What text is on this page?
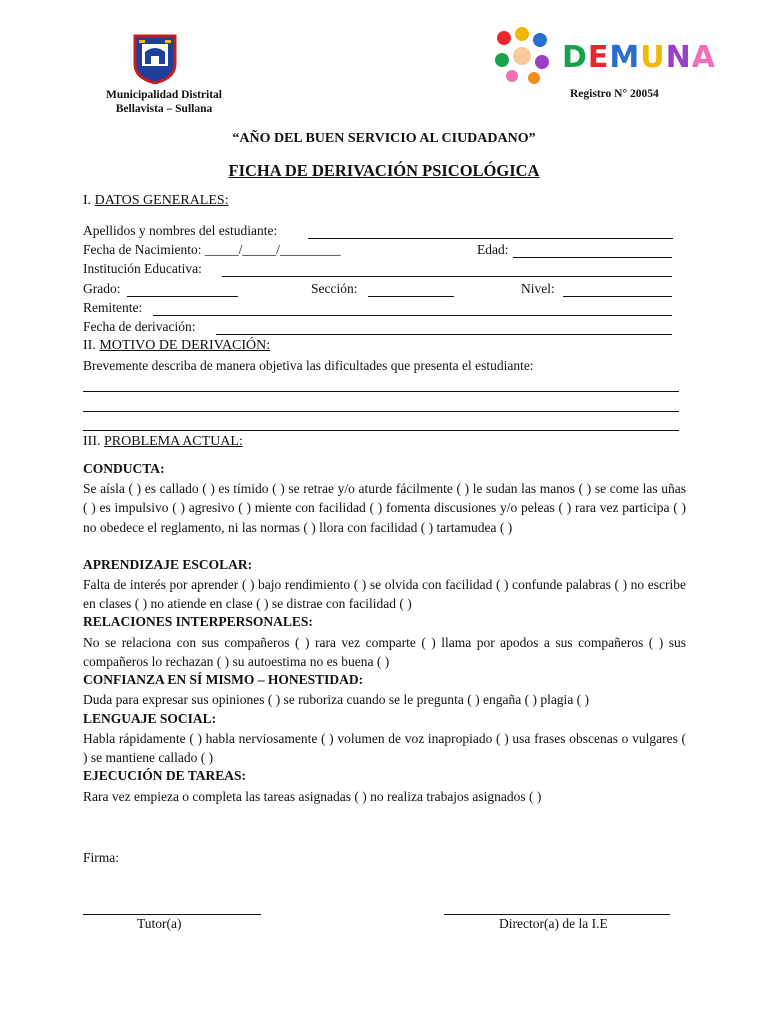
Municipalidad Distrital
Bellavista – Sullana
DEMUNA
Registro N° 20054
“AÑO DEL BUEN SERVICIO AL CIUDADANO”
FICHA DE DERIVACIÓN PSICOLÓGICA
I. DATOS GENERALES:
Apellidos y nombres del estudiante:
Fecha de Nacimiento: _____/_____/_________	Edad:
Institución Educativa:
Grado:	Sección:	Nivel:
Remitente:
Fecha de derivación:
II. MOTIVO DE DERIVACIÓN:
Brevemente describa de manera objetiva las dificultades que presenta el estudiante:
III. PROBLEMA ACTUAL:
CONDUCTA:
Se aísla ( ) es callado ( ) es tímido ( ) se retrae y/o aturde fácilmente ( ) le sudan las manos ( ) se come las uñas ( ) es impulsivo ( ) agresivo ( ) miente con facilidad ( ) fomenta discusiones y/o peleas ( ) rara vez participa ( ) no obedece el reglamento, ni las normas ( ) llora con facilidad ( ) tartamudea ( )
APRENDIZAJE ESCOLAR:
Falta de interés por aprender ( ) bajo rendimiento ( ) se olvida con facilidad ( ) confunde palabras ( ) no escribe en clases ( ) no atiende en clase ( ) se distrae con facilidad ( )
RELACIONES INTERPERSONALES:
No se relaciona con sus compañeros ( ) rara vez comparte ( ) llama por apodos a sus compañeros ( ) sus compañeros lo rechazan ( ) su autoestima no es buena ( )
CONFIANZA EN SÍ MISMO – HONESTIDAD:
Duda para expresar sus opiniones ( ) se ruboriza cuando se le pregunta ( ) engaña ( ) plagia ( )
LENGUAJE SOCIAL:
Habla rápidamente ( ) habla nerviosamente ( ) volumen de voz inapropiado ( ) usa frases obscenas o vulgares ( ) se mantiene callado ( )
EJECUCIÓN DE TAREAS:
Rara vez empieza o completa las tareas asignadas ( ) no realiza trabajos asignados ( )
Firma:
Tutor(a)	Director(a) de la I.E
